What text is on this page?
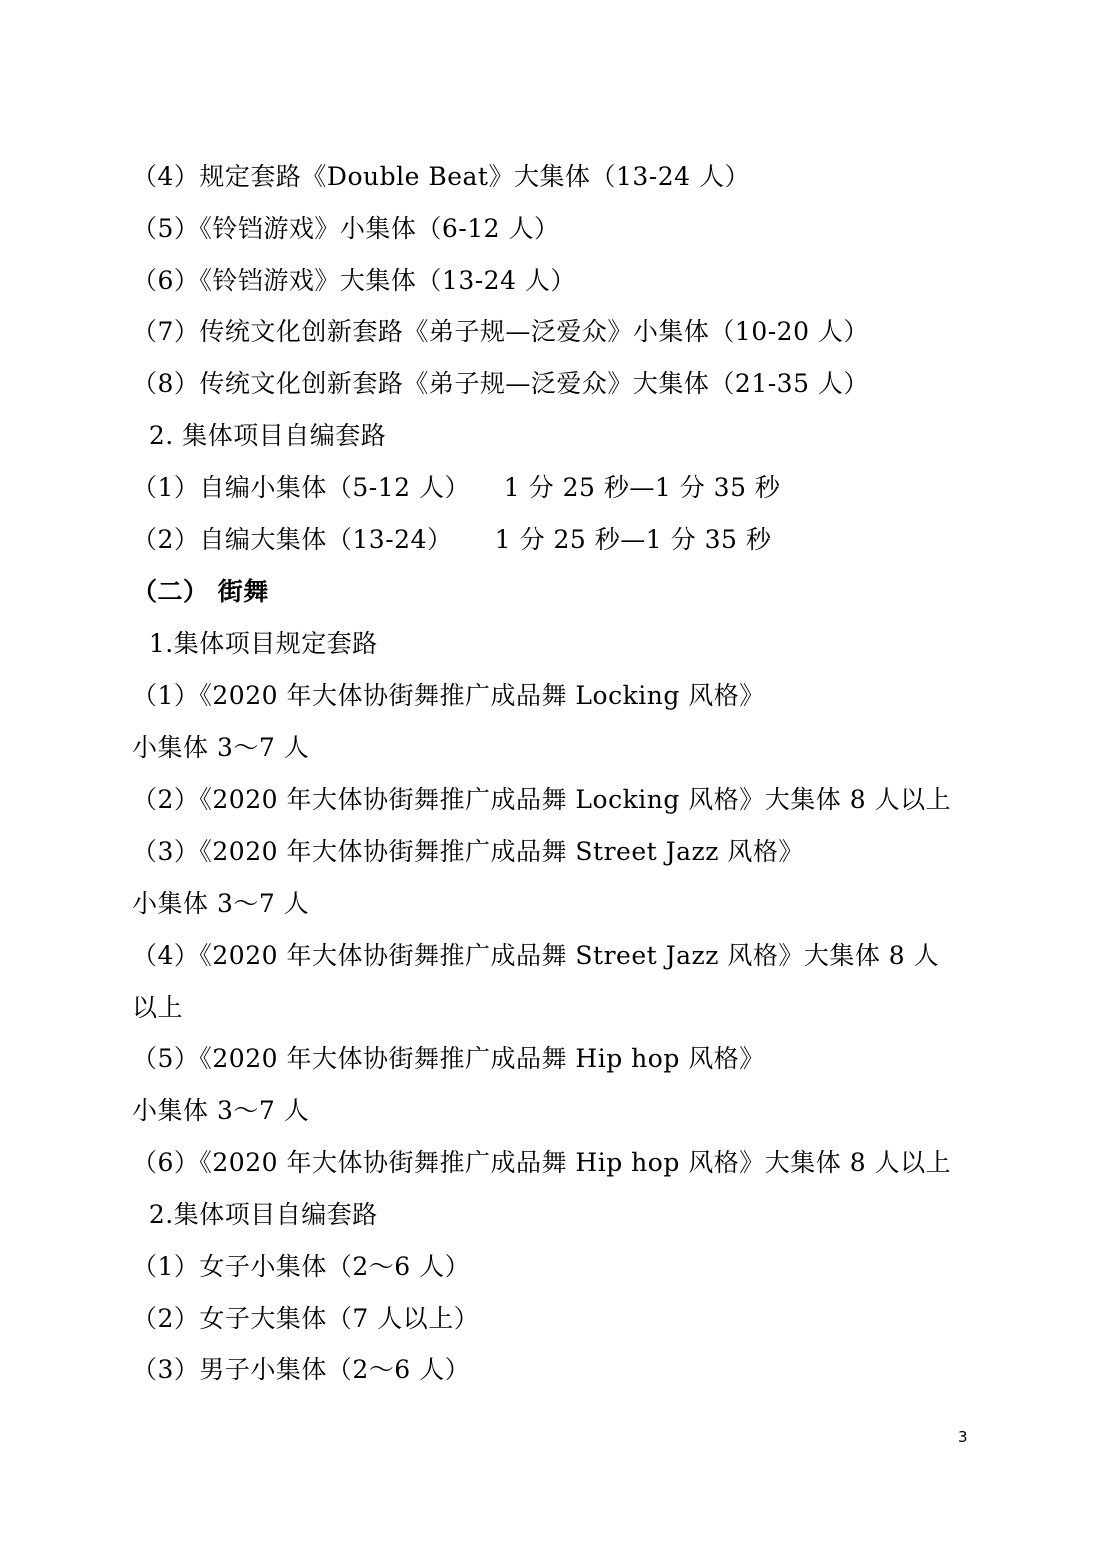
（4）规定套路《Double Beat》大集体（13-24 人）
（5）《铃铛游戏》小集体（6-12 人）
（6）《铃铛游戏》大集体（13-24 人）
（7）传统文化创新套路《弟子规—泛爱众》小集体（10-20 人）
（8）传统文化创新套路《弟子规—泛爱众》大集体（21-35 人）
2. 集体项目自编套路
（1）自编小集体（5-12 人）    1 分 25 秒—1 分 35 秒
（2）自编大集体（13-24）     1 分 25 秒—1 分 35 秒
（二） 街舞
1.集体项目规定套路
（1）《2020 年大体协街舞推广成品舞 Locking 风格》
小集体 3～7 人
（2）《2020 年大体协街舞推广成品舞 Locking 风格》大集体 8 人以上
（3）《2020 年大体协街舞推广成品舞 Street Jazz 风格》
小集体 3～7 人
（4）《2020 年大体协街舞推广成品舞 Street Jazz 风格》大集体 8 人
以上
（5）《2020 年大体协街舞推广成品舞 Hip hop 风格》
小集体 3～7 人
（6）《2020 年大体协街舞推广成品舞 Hip hop 风格》大集体 8 人以上
2.集体项目自编套路
（1）女子小集体（2～6 人）
（2）女子大集体（7 人以上）
（3）男子小集体（2～6 人）
3
